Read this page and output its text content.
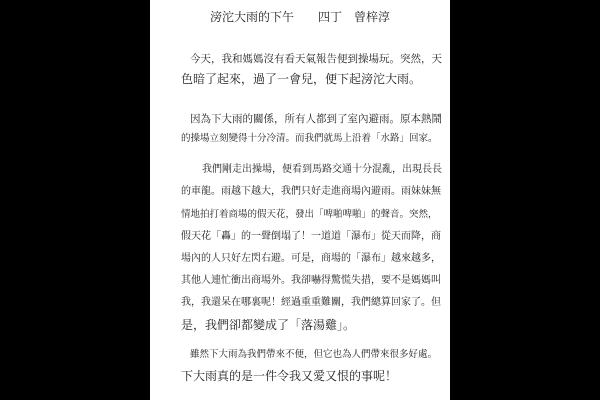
滂沱大雨的下午　　四丁　曾梓淳
今天，我和媽媽沒有看天氣報告便到操場玩。突然，天
色暗了起來，過了一會兒，便下起滂沱大雨。
因為下大雨的關係，所有人都到了室內避雨。原本熱鬧
的操場立刻變得十分冷清。而我們就馬上沿着「水路」回家。
我們剛走出操場，便看到馬路交通十分混亂，出現長長
的車龍。雨越下越大，我們只好走進商場內避雨。雨妹妹無
情地拍打着商場的假天花，發出「啤啪啤啪」的聲音。突然，
假天花「轟」的一聲倒塌了！一道道「瀑布」從天而降，商
場內的人只好左閃右避。可是，商場的「瀑布」越來越多，
其他人連忙衝出商場外。我卻嚇得驚慌失措，要不是媽媽叫
我，我還呆在哪裏呢！經過重重難關，我們總算回家了。但
是，我們卻都變成了「落湯雞」。
雖然下大雨為我們帶來不便，但它也為人們帶來很多好處。
下大雨真的是一件令我又愛又恨的事呢！
